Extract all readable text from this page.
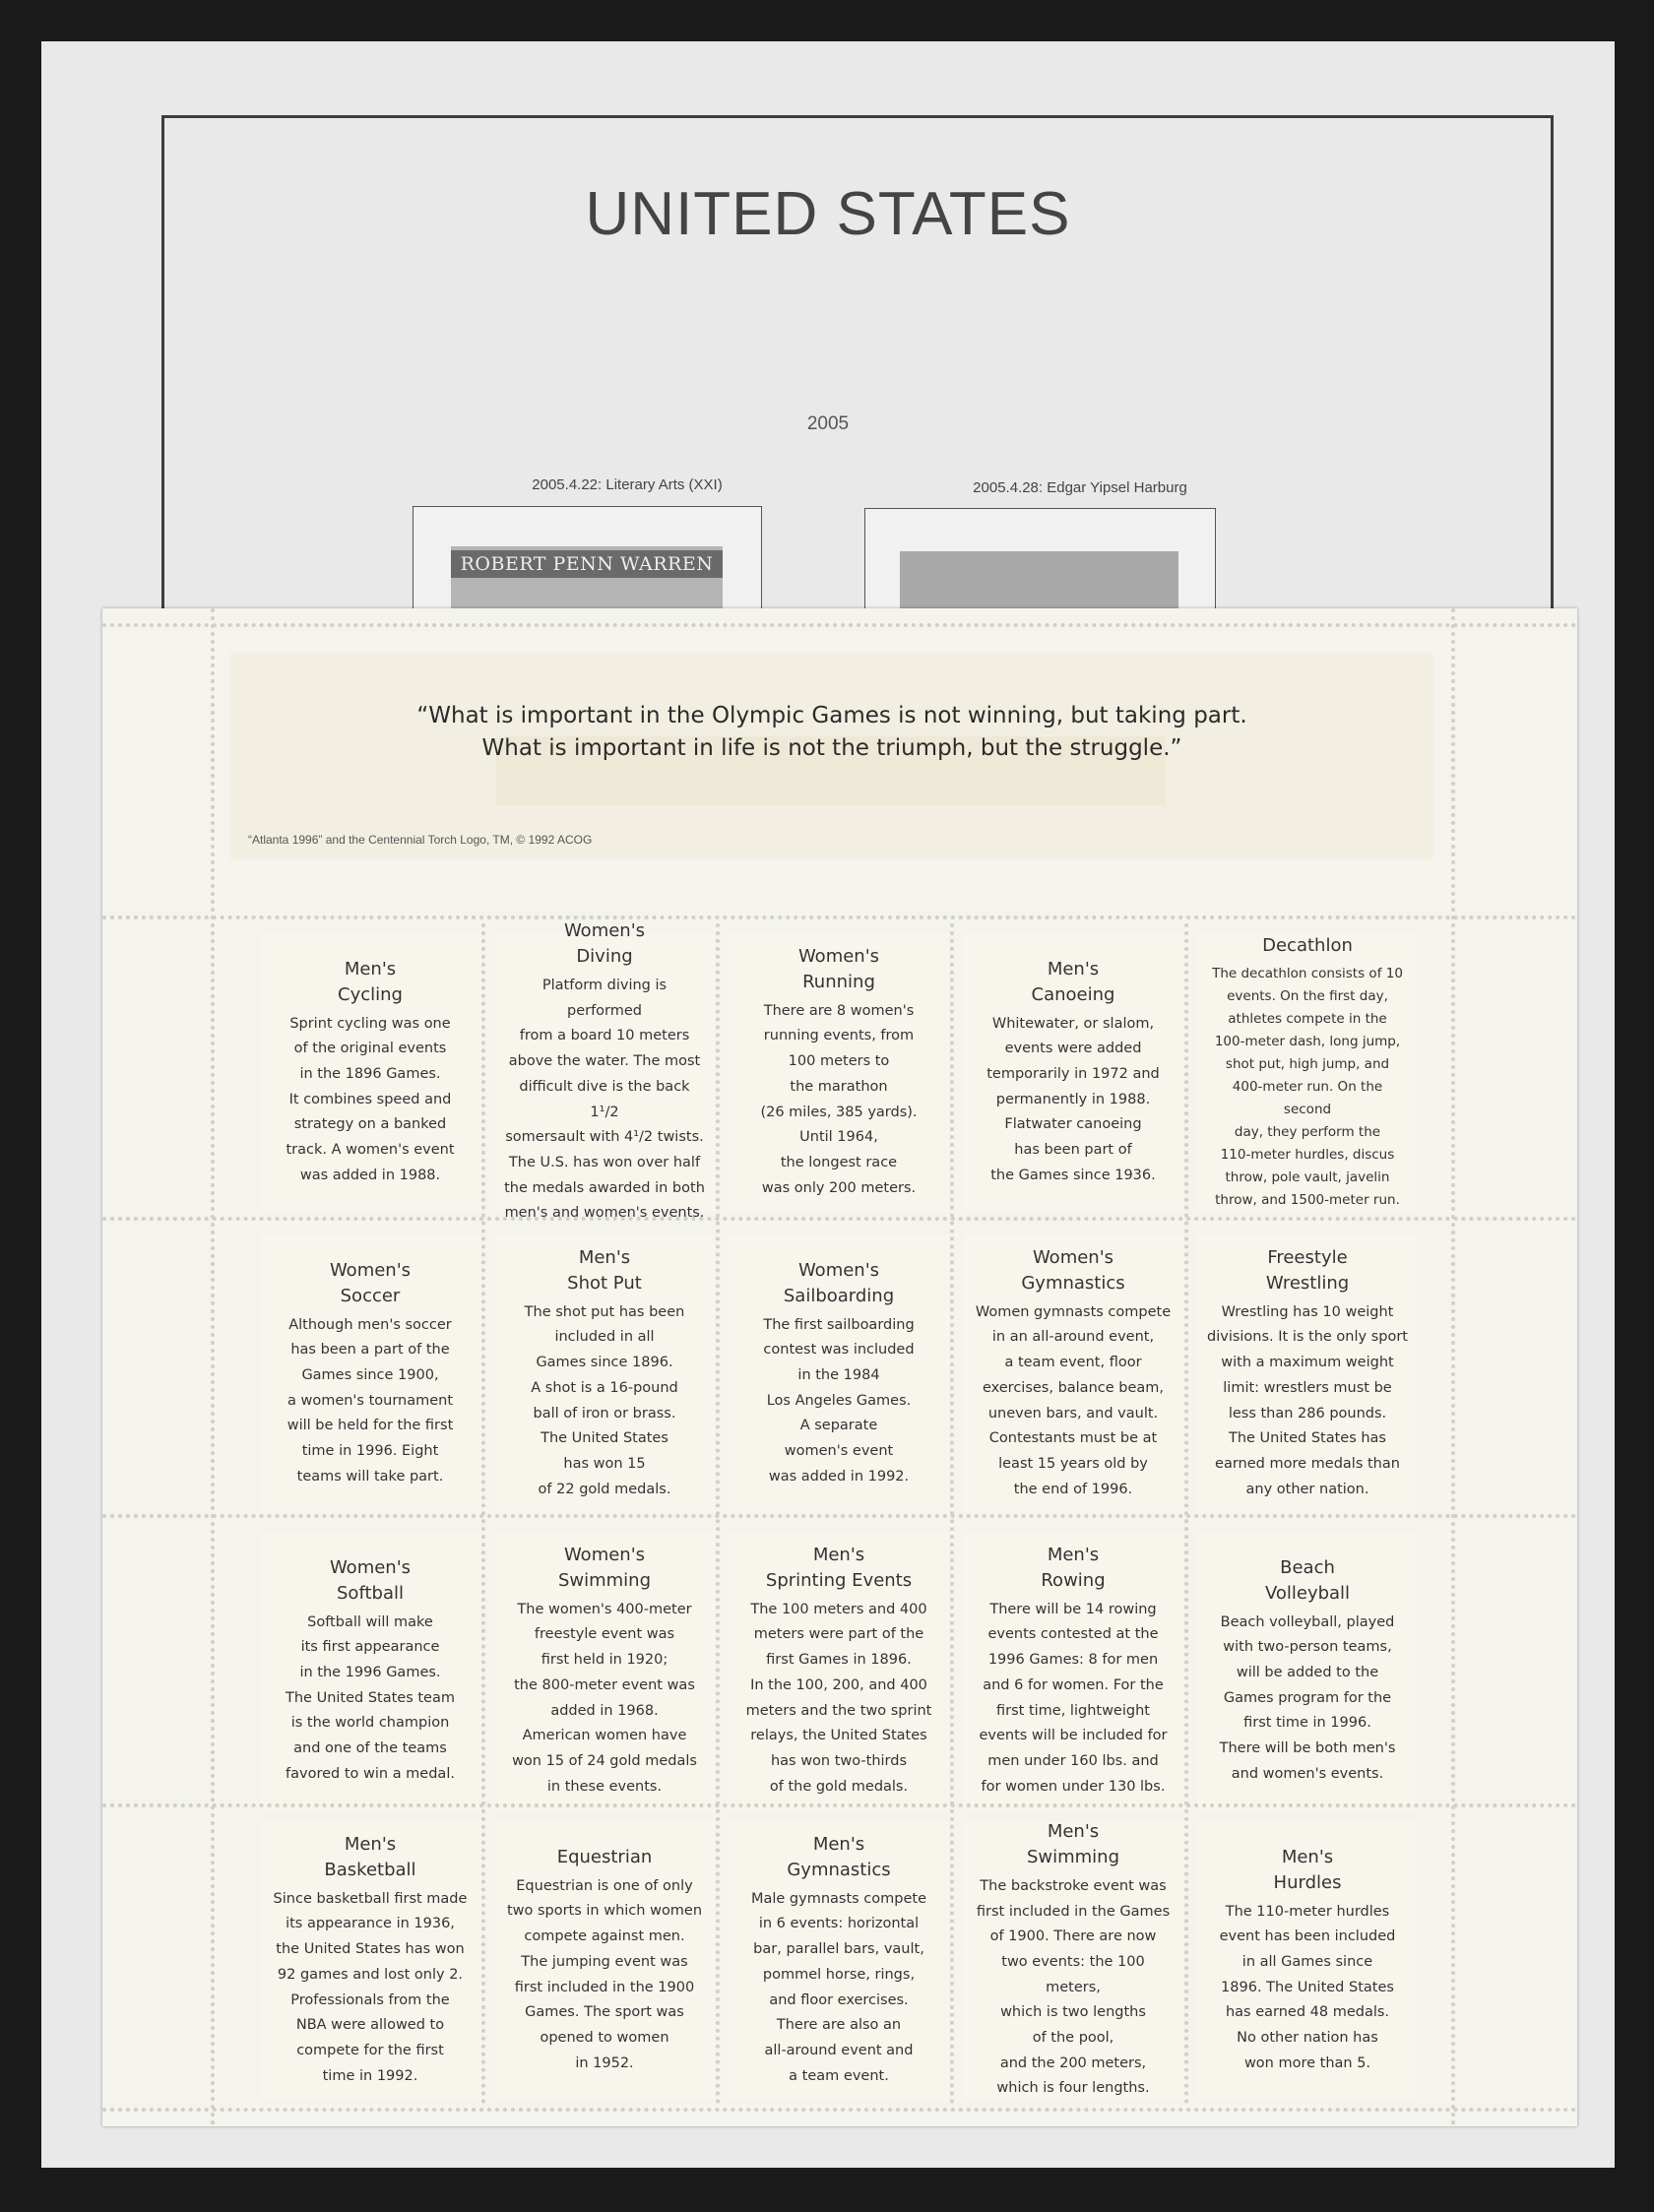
UNITED STATES
2005
2005.4.22: Literary Arts (XXI)
ROBERT PENN WARREN
2005.4.28: Edgar Yipsel Harburg
“What is important in the Olympic Games is not winning, but taking part.
What is important in life is not the triumph, but the struggle.”
“Atlanta 1996” and the Centennial Torch Logo, TM, © 1992 ACOG
Men's
Cycling
Sprint cycling was one
of the original events
in the 1896 Games.
It combines speed and
strategy on a banked
track. A women's event
was added in 1988.
Women's
Diving
Platform diving is performed
from a board 10 meters
above the water. The most
difficult dive is the back 1¹/2
somersault with 4¹/2 twists.
The U.S. has won over half
the medals awarded in both
men's and women's events.
Women's
Running
There are 8 women's
running events, from
100 meters to
the marathon
(26 miles, 385 yards).
Until 1964,
the longest race
was only 200 meters.
Men's
Canoeing
Whitewater, or slalom,
events were added
temporarily in 1972 and
permanently in 1988.
Flatwater canoeing
has been part of
the Games since 1936.
Decathlon
The decathlon consists of 10
events. On the first day,
athletes compete in the
100-meter dash, long jump,
shot put, high jump, and
400-meter run. On the second
day, they perform the
110-meter hurdles, discus
throw, pole vault, javelin
throw, and 1500-meter run.
Women's
Soccer
Although men's soccer
has been a part of the
Games since 1900,
a women's tournament
will be held for the first
time in 1996. Eight
teams will take part.
Men's
Shot Put
The shot put has been
included in all
Games since 1896.
A shot is a 16-pound
ball of iron or brass.
The United States
has won 15
of 22 gold medals.
Women's
Sailboarding
The first sailboarding
contest was included
in the 1984
Los Angeles Games.
A separate
women's event
was added in 1992.
Women's
Gymnastics
Women gymnasts compete
in an all-around event,
a team event, floor
exercises, balance beam,
uneven bars, and vault.
Contestants must be at
least 15 years old by
the end of 1996.
Freestyle
Wrestling
Wrestling has 10 weight
divisions. It is the only sport
with a maximum weight
limit: wrestlers must be
less than 286 pounds.
The United States has
earned more medals than
any other nation.
Women's
Softball
Softball will make
its first appearance
in the 1996 Games.
The United States team
is the world champion
and one of the teams
favored to win a medal.
Women's
Swimming
The women's 400-meter
freestyle event was
first held in 1920;
the 800-meter event was
added in 1968.
American women have
won 15 of 24 gold medals
in these events.
Men's
Sprinting Events
The 100 meters and 400
meters were part of the
first Games in 1896.
In the 100, 200, and 400
meters and the two sprint
relays, the United States
has won two-thirds
of the gold medals.
Men's
Rowing
There will be 14 rowing
events contested at the
1996 Games: 8 for men
and 6 for women. For the
first time, lightweight
events will be included for
men under 160 lbs. and
for women under 130 lbs.
Beach
Volleyball
Beach volleyball, played
with two-person teams,
will be added to the
Games program for the
first time in 1996.
There will be both men's
and women's events.
Men's
Basketball
Since basketball first made
its appearance in 1936,
the United States has won
92 games and lost only 2.
Professionals from the
NBA were allowed to
compete for the first
time in 1992.
Equestrian
Equestrian is one of only
two sports in which women
compete against men.
The jumping event was
first included in the 1900
Games. The sport was
opened to women
in 1952.
Men's
Gymnastics
Male gymnasts compete
in 6 events: horizontal
bar, parallel bars, vault,
pommel horse, rings,
and floor exercises.
There are also an
all-around event and
a team event.
Men's
Swimming
The backstroke event was
first included in the Games
of 1900. There are now
two events: the 100 meters,
which is two lengths
of the pool,
and the 200 meters,
which is four lengths.
Men's
Hurdles
The 110-meter hurdles
event has been included
in all Games since
1896. The United States
has earned 48 medals.
No other nation has
won more than 5.
